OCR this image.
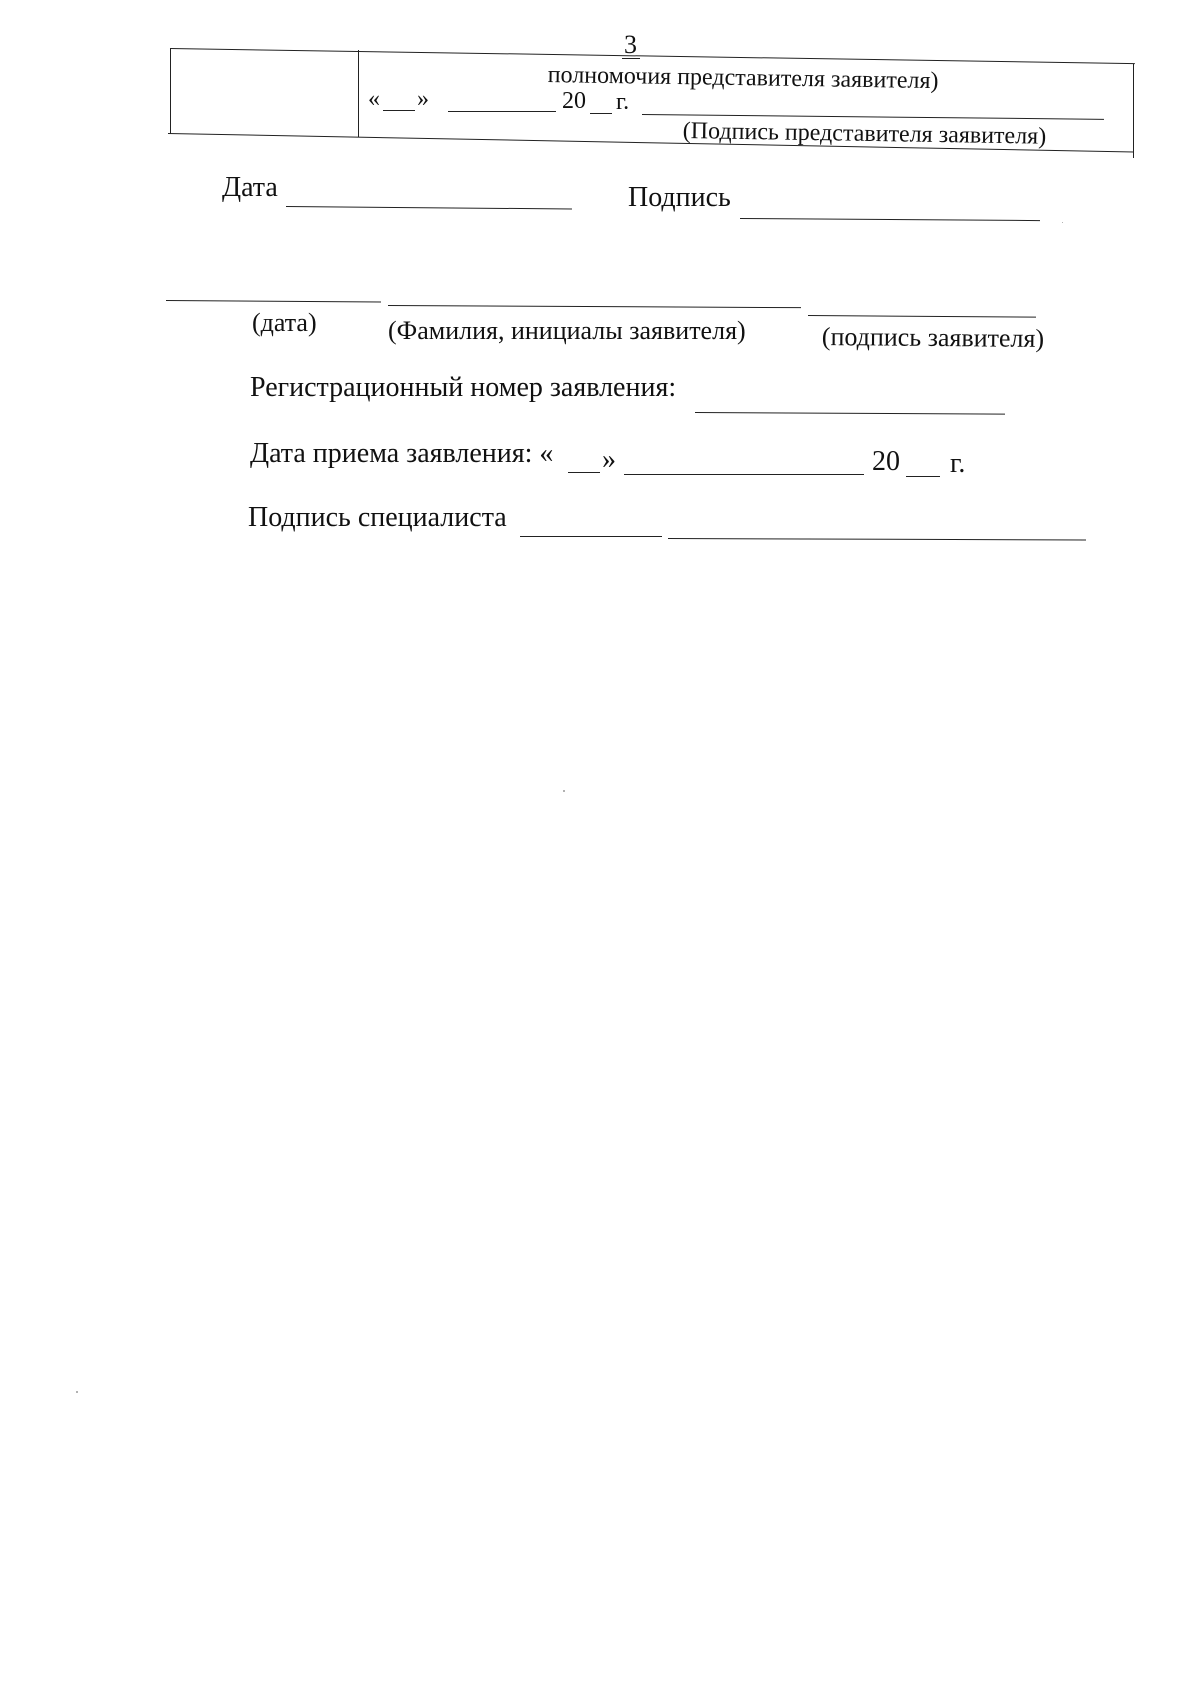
3
полномочия представителя заявителя)
« »	20 г.
(Подпись представителя заявителя)
Дата	Подпись
(дата)	(Фамилия, инициалы заявителя)	(подпись заявителя)
Регистрационный номер заявления:
Дата приема заявления: « »	20 г.
Подпись специалиста
